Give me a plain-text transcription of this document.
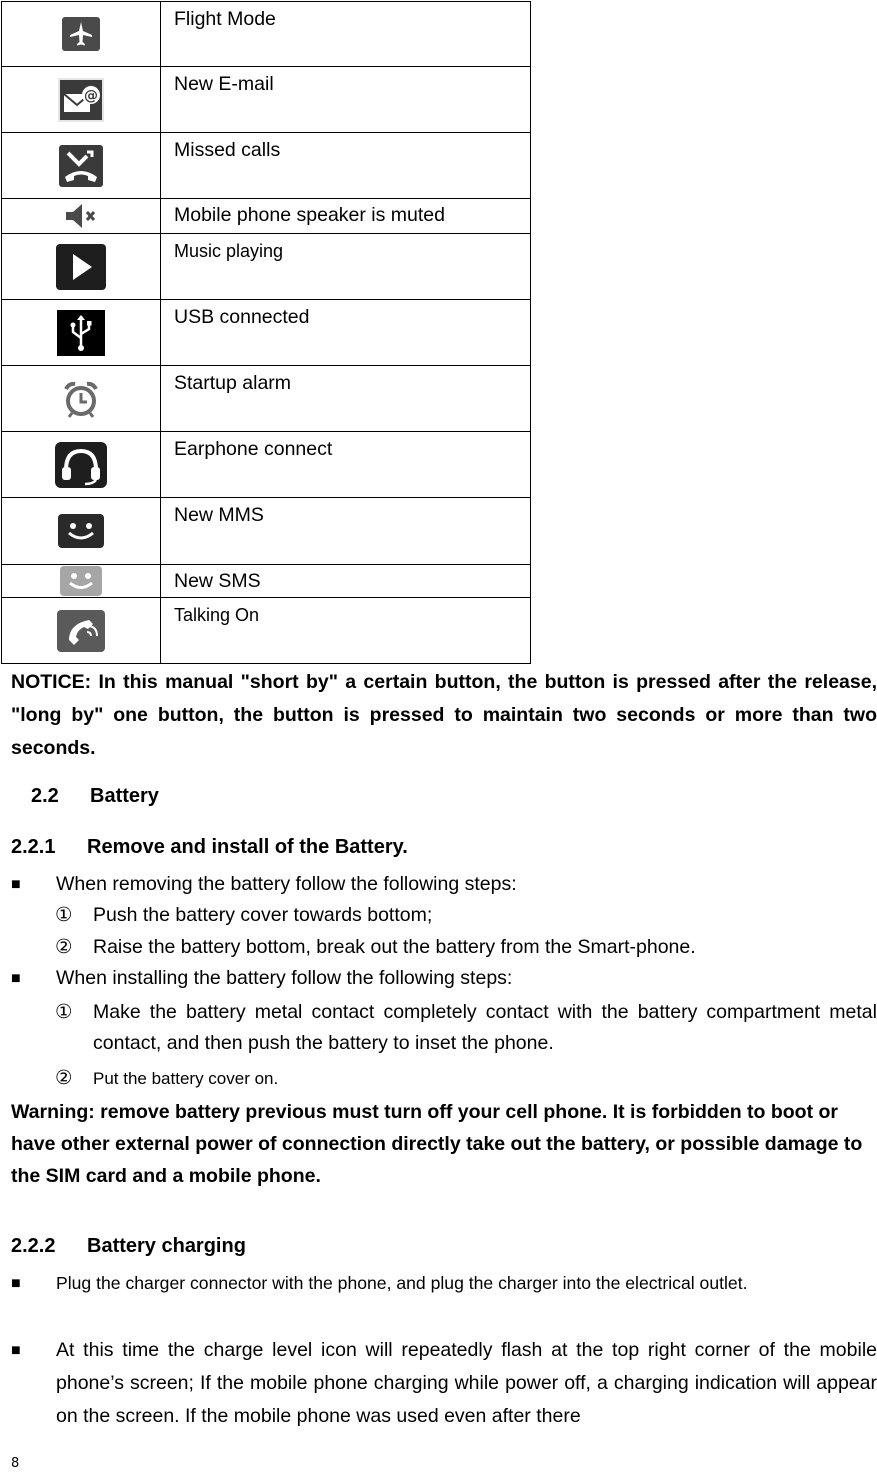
	Flight Mode

@	New E-mail

	Missed calls

	Mobile phone speaker is muted

	Music playing

	USB connected

	Startup alarm

	Earphone connect

	New MMS

	New SMS

	Talking On

NOTICE: In this manual "short by" a certain button, the button is pressed after the release, "long by" one button, the button is pressed to maintain two seconds or more than two seconds.

2.2 Battery
2.2.1 Remove and install of the Battery.
■ When removing the battery follow the following steps:
① Push the battery cover towards bottom;
② Raise the battery bottom, break out the battery from the Smart-phone.
■ When installing the battery follow the following steps:
① Make the battery metal contact completely contact with the battery compartment metal contact, and then push the battery to inset the phone.
② Put the battery cover on.

Warning: remove battery previous must turn off your cell phone. It is forbidden to boot or have other external power of connection directly take out the battery, or possible damage to the SIM card and a mobile phone.

2.2.2 Battery charging
■ Plug the charger connector with the phone, and plug the charger into the electrical outlet.
■ At this time the charge level icon will repeatedly flash at the top right corner of the mobile phone’s screen; If the mobile phone charging while power off, a charging indication will appear on the screen. If the mobile phone was used even after there
8
